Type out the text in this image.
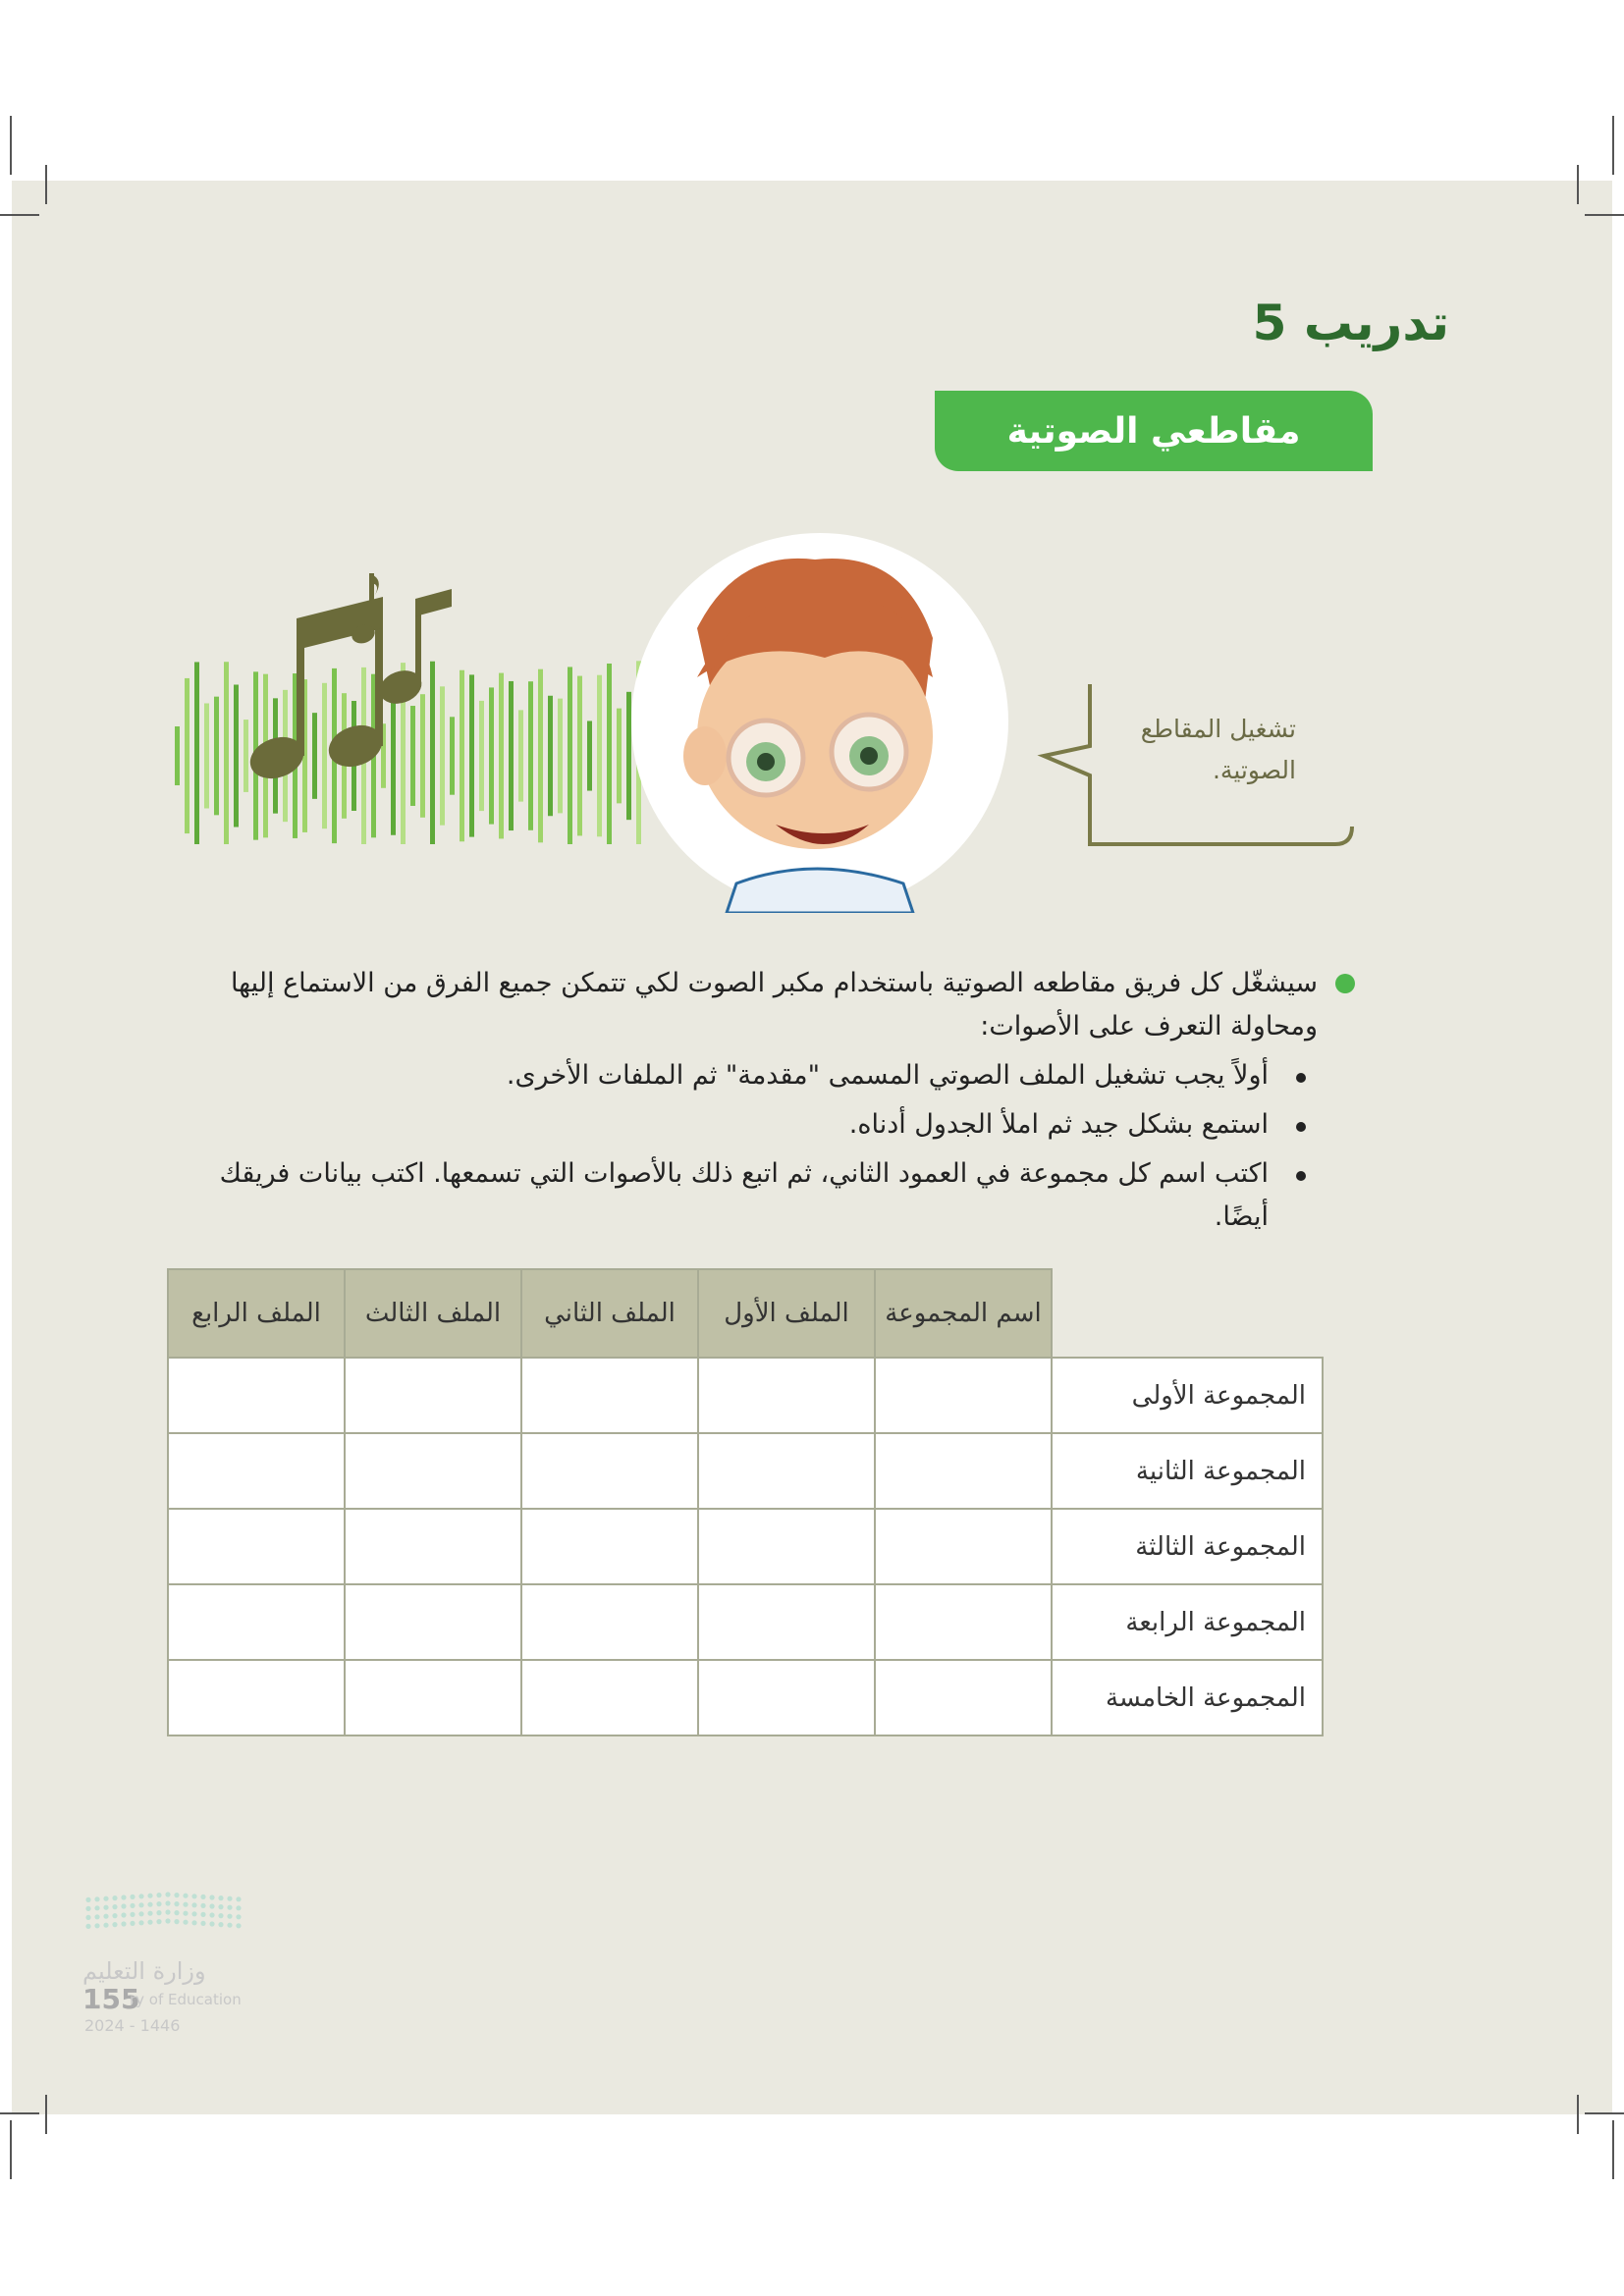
تدريب 5
مقاطعي الصوتية
تشغيل المقاطع الصوتية.
سيشغّل كل فريق مقاطعه الصوتية باستخدام مكبر الصوت لكي تتمكن جميع الفرق من الاستماع إليها ومحاولة التعرف على الأصوات:
أولاً يجب تشغيل الملف الصوتي المسمى "مقدمة" ثم الملفات الأخرى.
استمع بشكل جيد ثم املأ الجدول أدناه.
اكتب اسم كل مجموعة في العمود الثاني، ثم اتبع ذلك بالأصوات التي تسمعها. اكتب بيانات فريقك أيضًا.
	اسم المجموعة	الملف الأول	الملف الثاني	الملف الثالث	الملف الرابع
المجموعة الأولى					
المجموعة الثانية					
المجموعة الثالثة					
المجموعة الرابعة					
المجموعة الخامسة					
وزارة التعليم
155
ry of Education
2024 - 1446
